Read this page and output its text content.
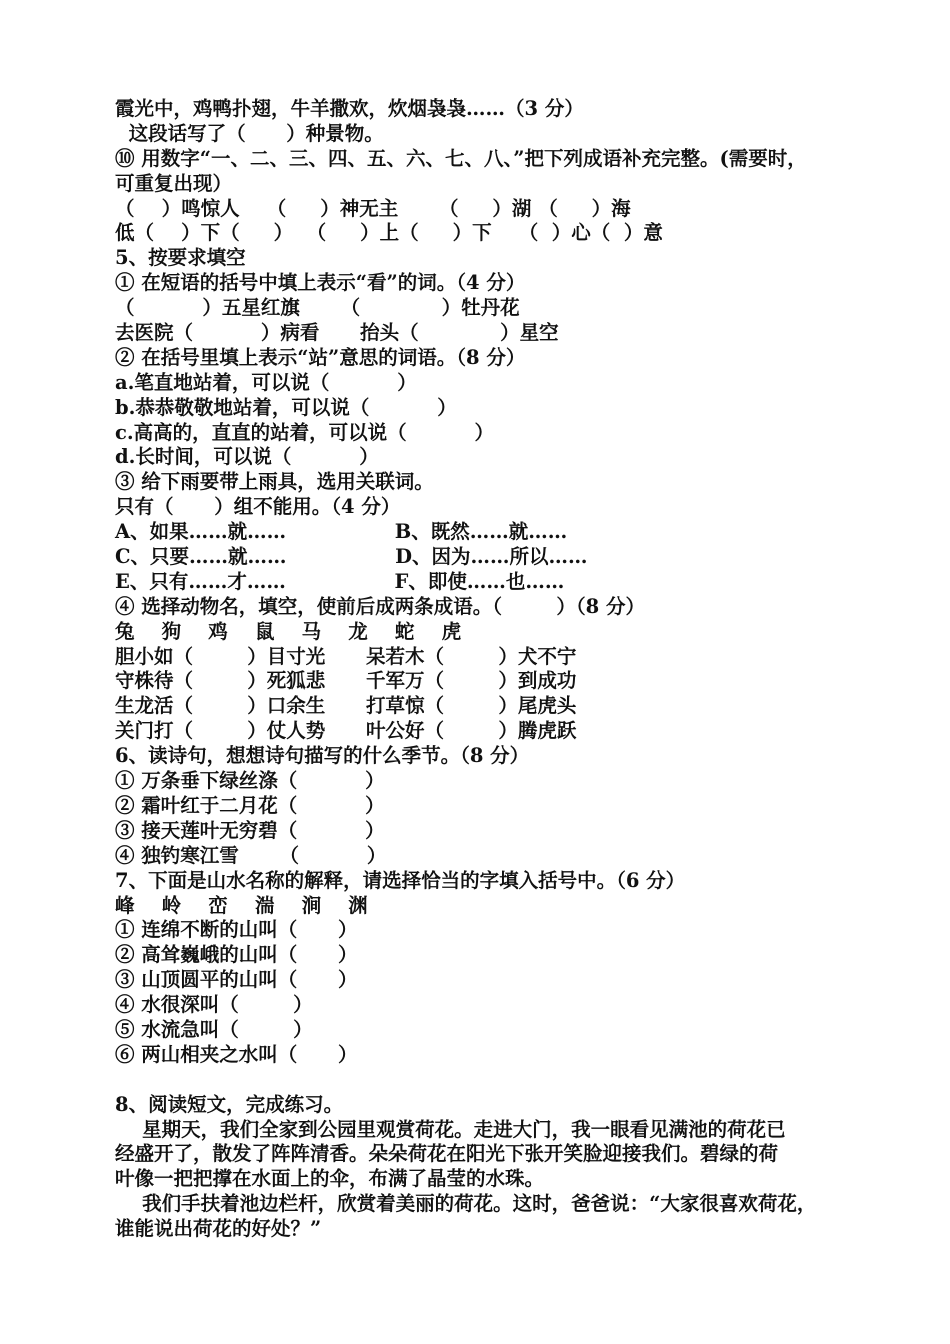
霞光中，鸡鸭扑翅，牛羊撒欢，炊烟袅袅……（3 分）
这段话写了（      ）种景物。
⑩ 用数字“一、二、三、四、五、六、七、八、”把下列成语补充完整。(需要时，
可重复出现）
（    ）鸣惊人    （     ）神无主      （     ）湖 （     ）海
低（    ）下（     ）  （     ）上（     ）下    （  ）心（  ）意
5、按要求填空
① 在短语的括号中填上表示“看”的词。（4 分）
（          ）五星红旗      （            ）牡丹花
去医院（          ）病看      抬头（            ）星空
② 在括号里填上表示“站”意思的词语。（8 分）
a.笔直地站着，可以说（          ）
b.恭恭敬敬地站着，可以说（          ）
c.高高的，直直的站着，可以说（          ）
d.长时间，可以说（          ）
③ 给下雨要带上雨具，选用关联词。
只有（      ）组不能用。（4 分）
A、如果……就……                B、既然……就……
C、只要……就……                D、因为……所以……
E、只有……才……                F、即使……也……
④ 选择动物名，填空，使前后成两条成语。（        ）（8 分）
兔    狗    鸡    鼠    马    龙    蛇    虎
胆小如（        ）目寸光      呆若木（        ）犬不宁
守株待（        ）死狐悲      千军万（        ）到成功
生龙活（        ）口余生      打草惊（        ）尾虎头
关门打（        ）仗人势      叶公好（        ）腾虎跃
6、读诗句，想想诗句描写的什么季节。（8 分）
① 万条垂下绿丝涤（          ）
② 霜叶红于二月花（          ）
③ 接天莲叶无穷碧（          ）
④ 独钓寒江雪      （          ）
7、下面是山水名称的解释，请选择恰当的字填入括号中。（6 分）
峰    岭    峦    湍    涧    渊
① 连绵不断的山叫（      ）
② 高耸巍峨的山叫（      ）
③ 山顶圆平的山叫（      ）
④ 水很深叫（        ）
⑤ 水流急叫（        ）
⑥ 两山相夹之水叫（      ）
8、阅读短文，完成练习。
星期天，我们全家到公园里观赏荷花。走进大门，我一眼看见满池的荷花已
经盛开了，散发了阵阵清香。朵朵荷花在阳光下张开笑脸迎接我们。碧绿的荷
叶像一把把撑在水面上的伞，布满了晶莹的水珠。
我们手扶着池边栏杆，欣赏着美丽的荷花。这时，爸爸说：“大家很喜欢荷花，
谁能说出荷花的好处？”
